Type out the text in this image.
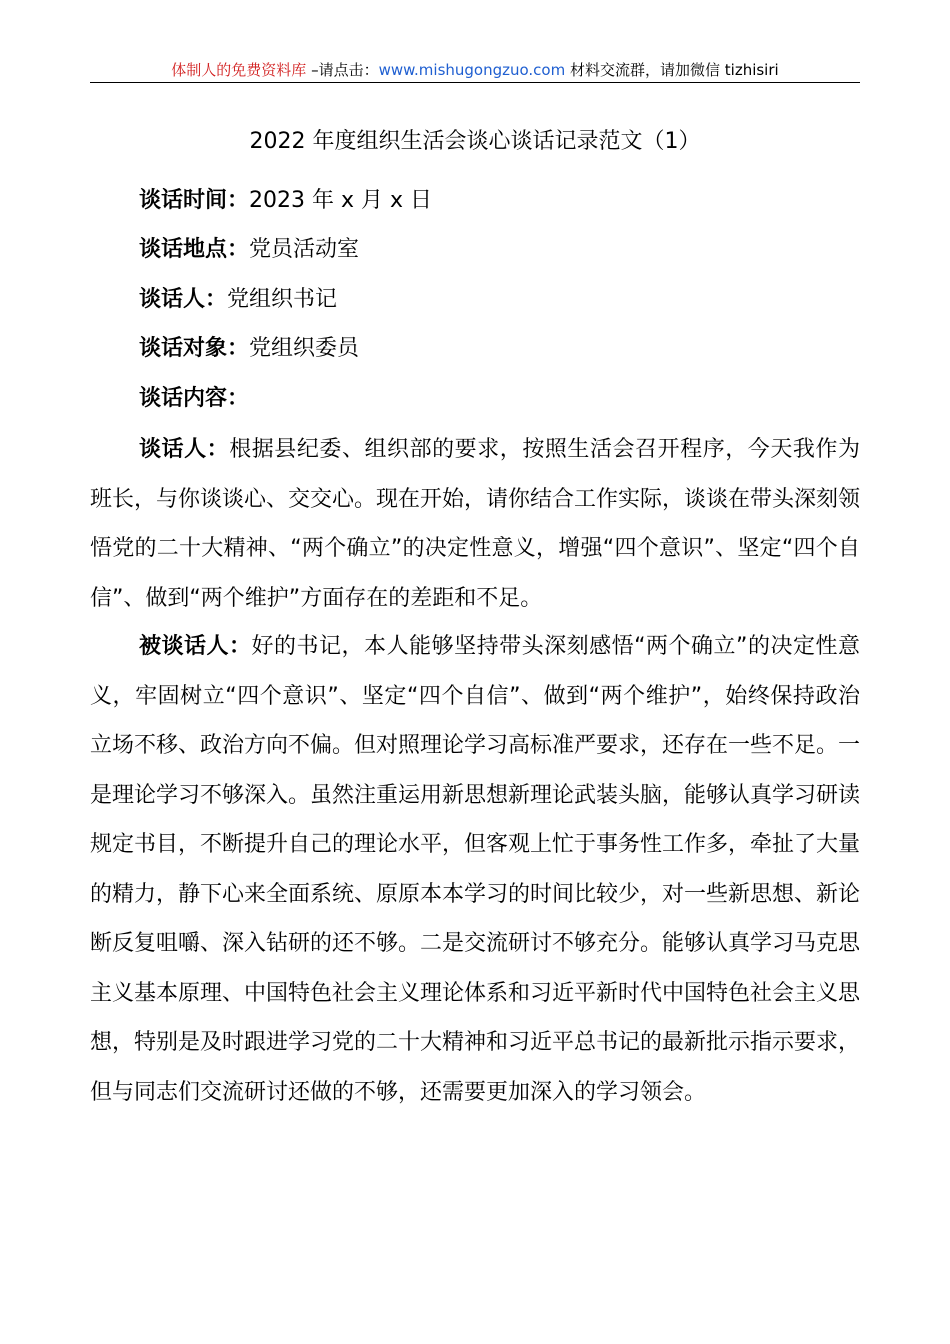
体制人的免费资料库 –请点击：www.mishugongzuo.com 材料交流群，请加微信 tizhisiri
2022 年度组织生活会谈心谈话记录范文（1）
谈话时间：2023 年 x 月 x 日
谈话地点：党员活动室
谈话人：党组织书记
谈话对象：党组织委员
谈话内容：

谈话人：根据县纪委、组织部的要求，按照生活会召开程序，今天我作为班长，与你谈谈心、交交心。现在开始，请你结合工作实际，谈谈在带头深刻领悟党的二十大精神、“两个确立”的决定性意义，增强“四个意识”、坚定“四个自信”、做到“两个维护”方面存在的差距和不足。

被谈话人：好的书记，本人能够坚持带头深刻感悟“两个确立”的决定性意义，牢固树立“四个意识”、坚定“四个自信”、做到“两个维护”，始终保持政治立场不移、政治方向不偏。但对照理论学习高标准严要求，还存在一些不足。一是理论学习不够深入。虽然注重运用新思想新理论武装头脑，能够认真学习研读规定书目，不断提升自己的理论水平，但客观上忙于事务性工作多，牵扯了大量的精力，静下心来全面系统、原原本本学习的时间比较少，对一些新思想、新论断反复咀嚼、深入钻研的还不够。二是交流研讨不够充分。能够认真学习马克思主义基本原理、中国特色社会主义理论体系和习近平新时代中国特色社会主义思想，特别是及时跟进学习党的二十大精神和习近平总书记的最新批示指示要求，但与同志们交流研讨还做的不够，还需要更加深入的学习领会。
